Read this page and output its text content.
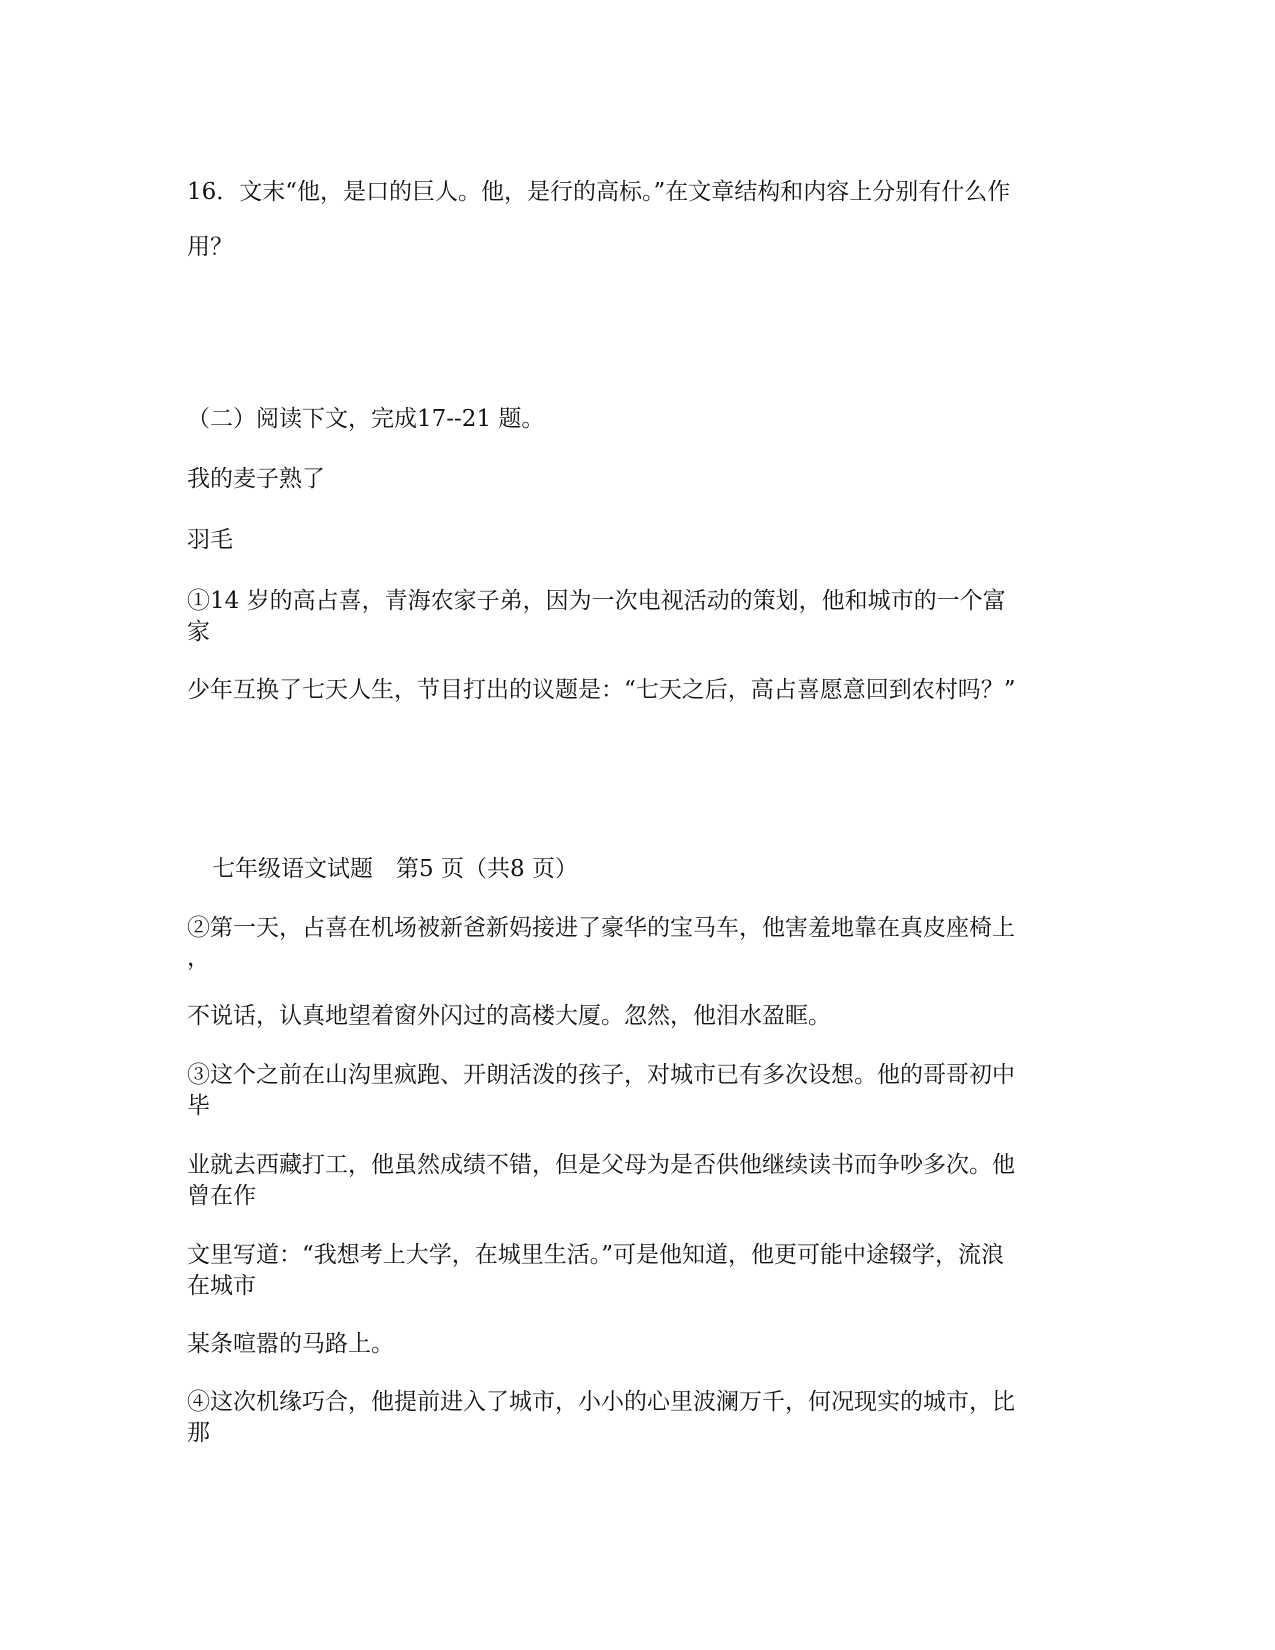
16．文末“他，是口的巨人。他，是行的高标。”在文章结构和内容上分别有什么作
用？
（二）阅读下文，完成17--21 题。
我的麦子熟了
羽毛
①14 岁的高占喜，青海农家子弟，因为一次电视活动的策划，他和城市的一个富
家
少年互换了七天人生，节目打出的议题是：“七天之后，高占喜愿意回到农村吗？”
七年级语文试题　第5 页（共8 页）
②第一天，占喜在机场被新爸新妈接进了豪华的宝马车，他害羞地靠在真皮座椅上
，
不说话，认真地望着窗外闪过的高楼大厦。忽然，他泪水盈眶。
③这个之前在山沟里疯跑、开朗活泼的孩子，对城市已有多次设想。他的哥哥初中
毕
业就去西藏打工，他虽然成绩不错，但是父母为是否供他继续读书而争吵多次。他
曾在作
文里写道：“我想考上大学，在城里生活。”可是他知道，他更可能中途辍学，流浪
在城市
某条喧嚣的马路上。
④这次机缘巧合，他提前进入了城市，小小的心里波澜万千，何况现实的城市，比
那
